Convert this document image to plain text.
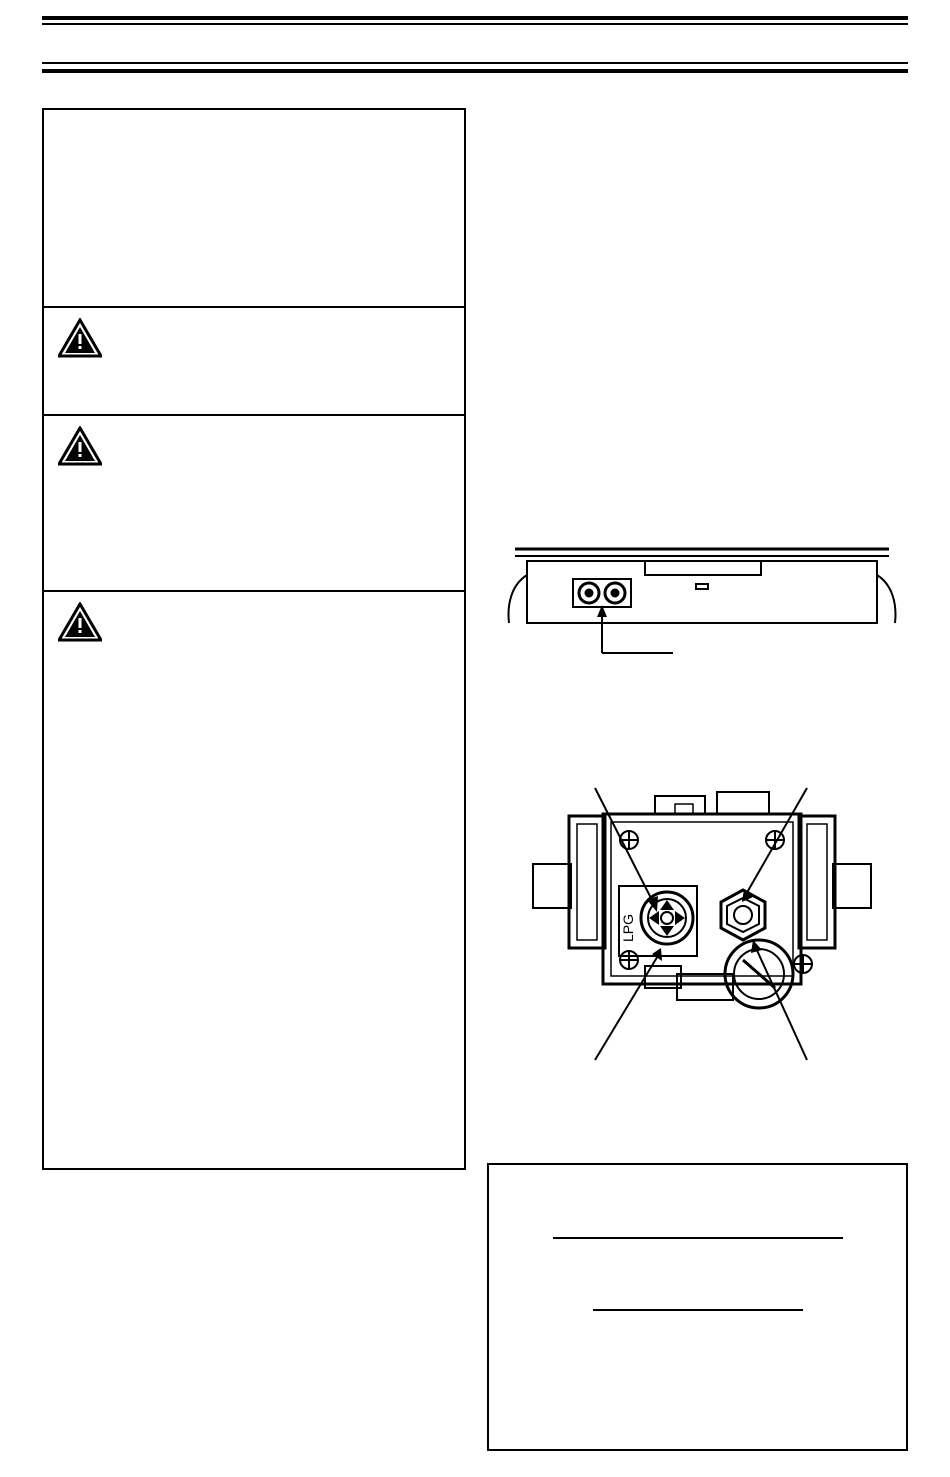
LPG
